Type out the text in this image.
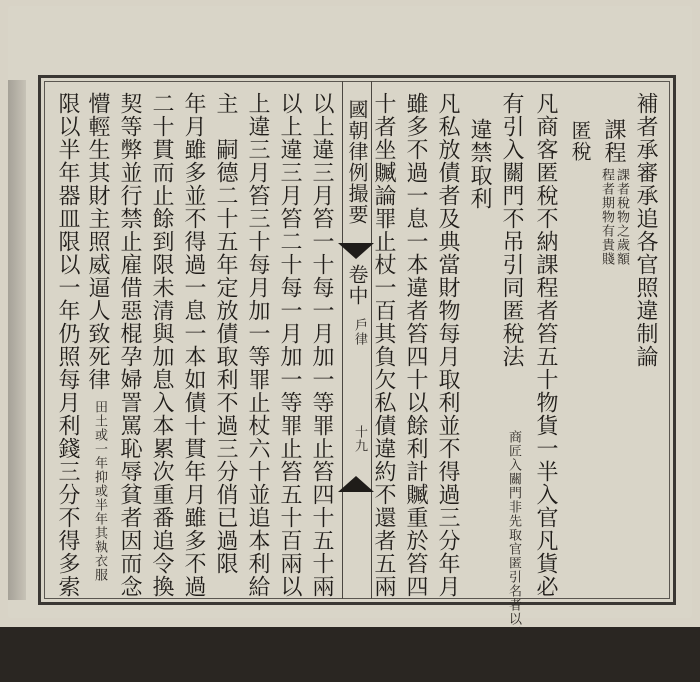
國朝律例撮要
卷中
戶律
十九
補者承審承追各官照違制論
課程
課者稅物之歲額
程者期物有貴賤
匿稅
凡商客匿稅不納課程者笞五十物貨一半入官凡貨必
有引入關門不吊引同匿稅法
商匠入關門非先取官匿引名者以匿稅法論
違禁取利
凡私放債者及典當財物每月取利並不得過三分年月
雖多不過一息一本違者笞四十以餘利計贓重於笞四
十者坐贓論罪止杖一百其負欠私債違約不還者五兩
以上違三月笞一十每一月加一等罪止笞四十五十兩
以上違三月笞二十每一月加一等罪止笞五十百兩以
上違三月笞三十每月加一等罪止杖六十並追本利給
主
嗣德二十五年定放債取利不過三分俏已過限
年月雖多並不得過一息一本如債十貫年月雖多不過
二十貫而止餘到限未清與加息入本累次重番追令換
契等弊並行禁止雇借惡棍孕婦詈罵恥辱貧者因而念
懵輕生其財主照威逼人致死律
田土或一年抑或半年其執衣服
限以半年器皿限以一年仍照每月利錢三分不得多索
